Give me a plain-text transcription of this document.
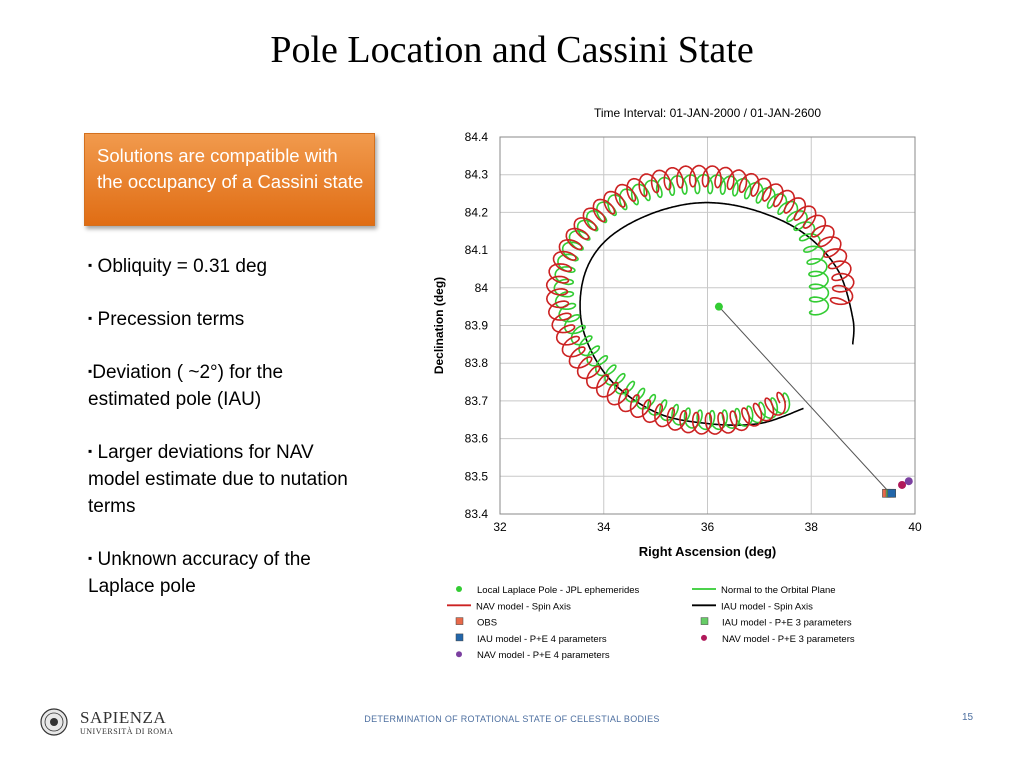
Pole Location and Cassini State
Solutions are compatible with the occupancy of a Cassini state
▪ Obliquity = 0.31 deg
▪ Precession terms
▪Deviation ( ~2°) for the estimated pole (IAU)
▪ Larger deviations for NAV model estimate due to nutation terms
▪ Unknown accuracy of the Laplace pole
32	34	36	38	40
84.4
84.3
84.2
84.1
84
83.9
83.8
83.7
83.6
83.5
83.4
Time Interval: 01-JAN-2000 / 01-JAN-2600
Right Ascension (deg)
Declination (deg)
Local Laplace Pole - JPL ephemerides	Normal to the Orbital Plane
NAV model - Spin Axis	IAU model - Spin Axis
OBS	IAU model - P+E 3 parameters
IAU model - P+E 4 parameters	NAV model - P+E 3 parameters
NAV model - P+E 4 parameters
SAPIENZA
UNIVERSITÀ DI ROMA
DETERMINATION OF ROTATIONAL STATE OF CELESTIAL BODIES	15
